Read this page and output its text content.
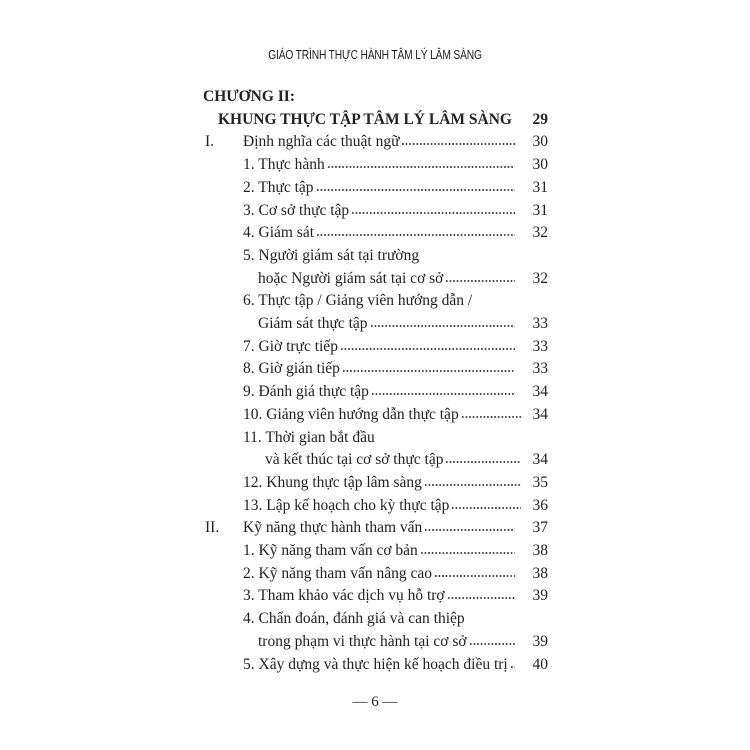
GIÁO TRÌNH THỰC HÀNH TÂM LÝ LÂM SÀNG
CHƯƠNG II:
KHUNG THỰC TẬP TÂM LÝ LÂM SÀNG	29
I. Định nghĩa các thuật ngữ	30
1. Thực hành	30
2. Thực tập	31
3. Cơ sở thực tập	31
4. Giám sát	32
5. Người giám sát tại trường
hoặc Người giám sát tại cơ sở	32
6. Thực tập / Giảng viên hướng dẫn /
Giám sát thực tập	33
7. Giờ trực tiếp	33
8. Giờ gián tiếp	33
9. Đánh giá thực tập	34
10. Giảng viên hướng dẫn thực tập	34
11. Thời gian bắt đầu
và kết thúc tại cơ sở thực tập	34
12. Khung thực tập lâm sàng	35
13. Lập kế hoạch cho kỳ thực tập	36
II. Kỹ năng thực hành tham vấn	37
1. Kỹ năng tham vấn cơ bản	38
2. Kỹ năng tham vấn nâng cao	38
3. Tham khảo vác dịch vụ hỗ trợ	39
4. Chẩn đoán, đánh giá và can thiệp
trong phạm vi thực hành tại cơ sở	39
5. Xây dựng và thực hiện kế hoạch điều trị	40
— 6 —
